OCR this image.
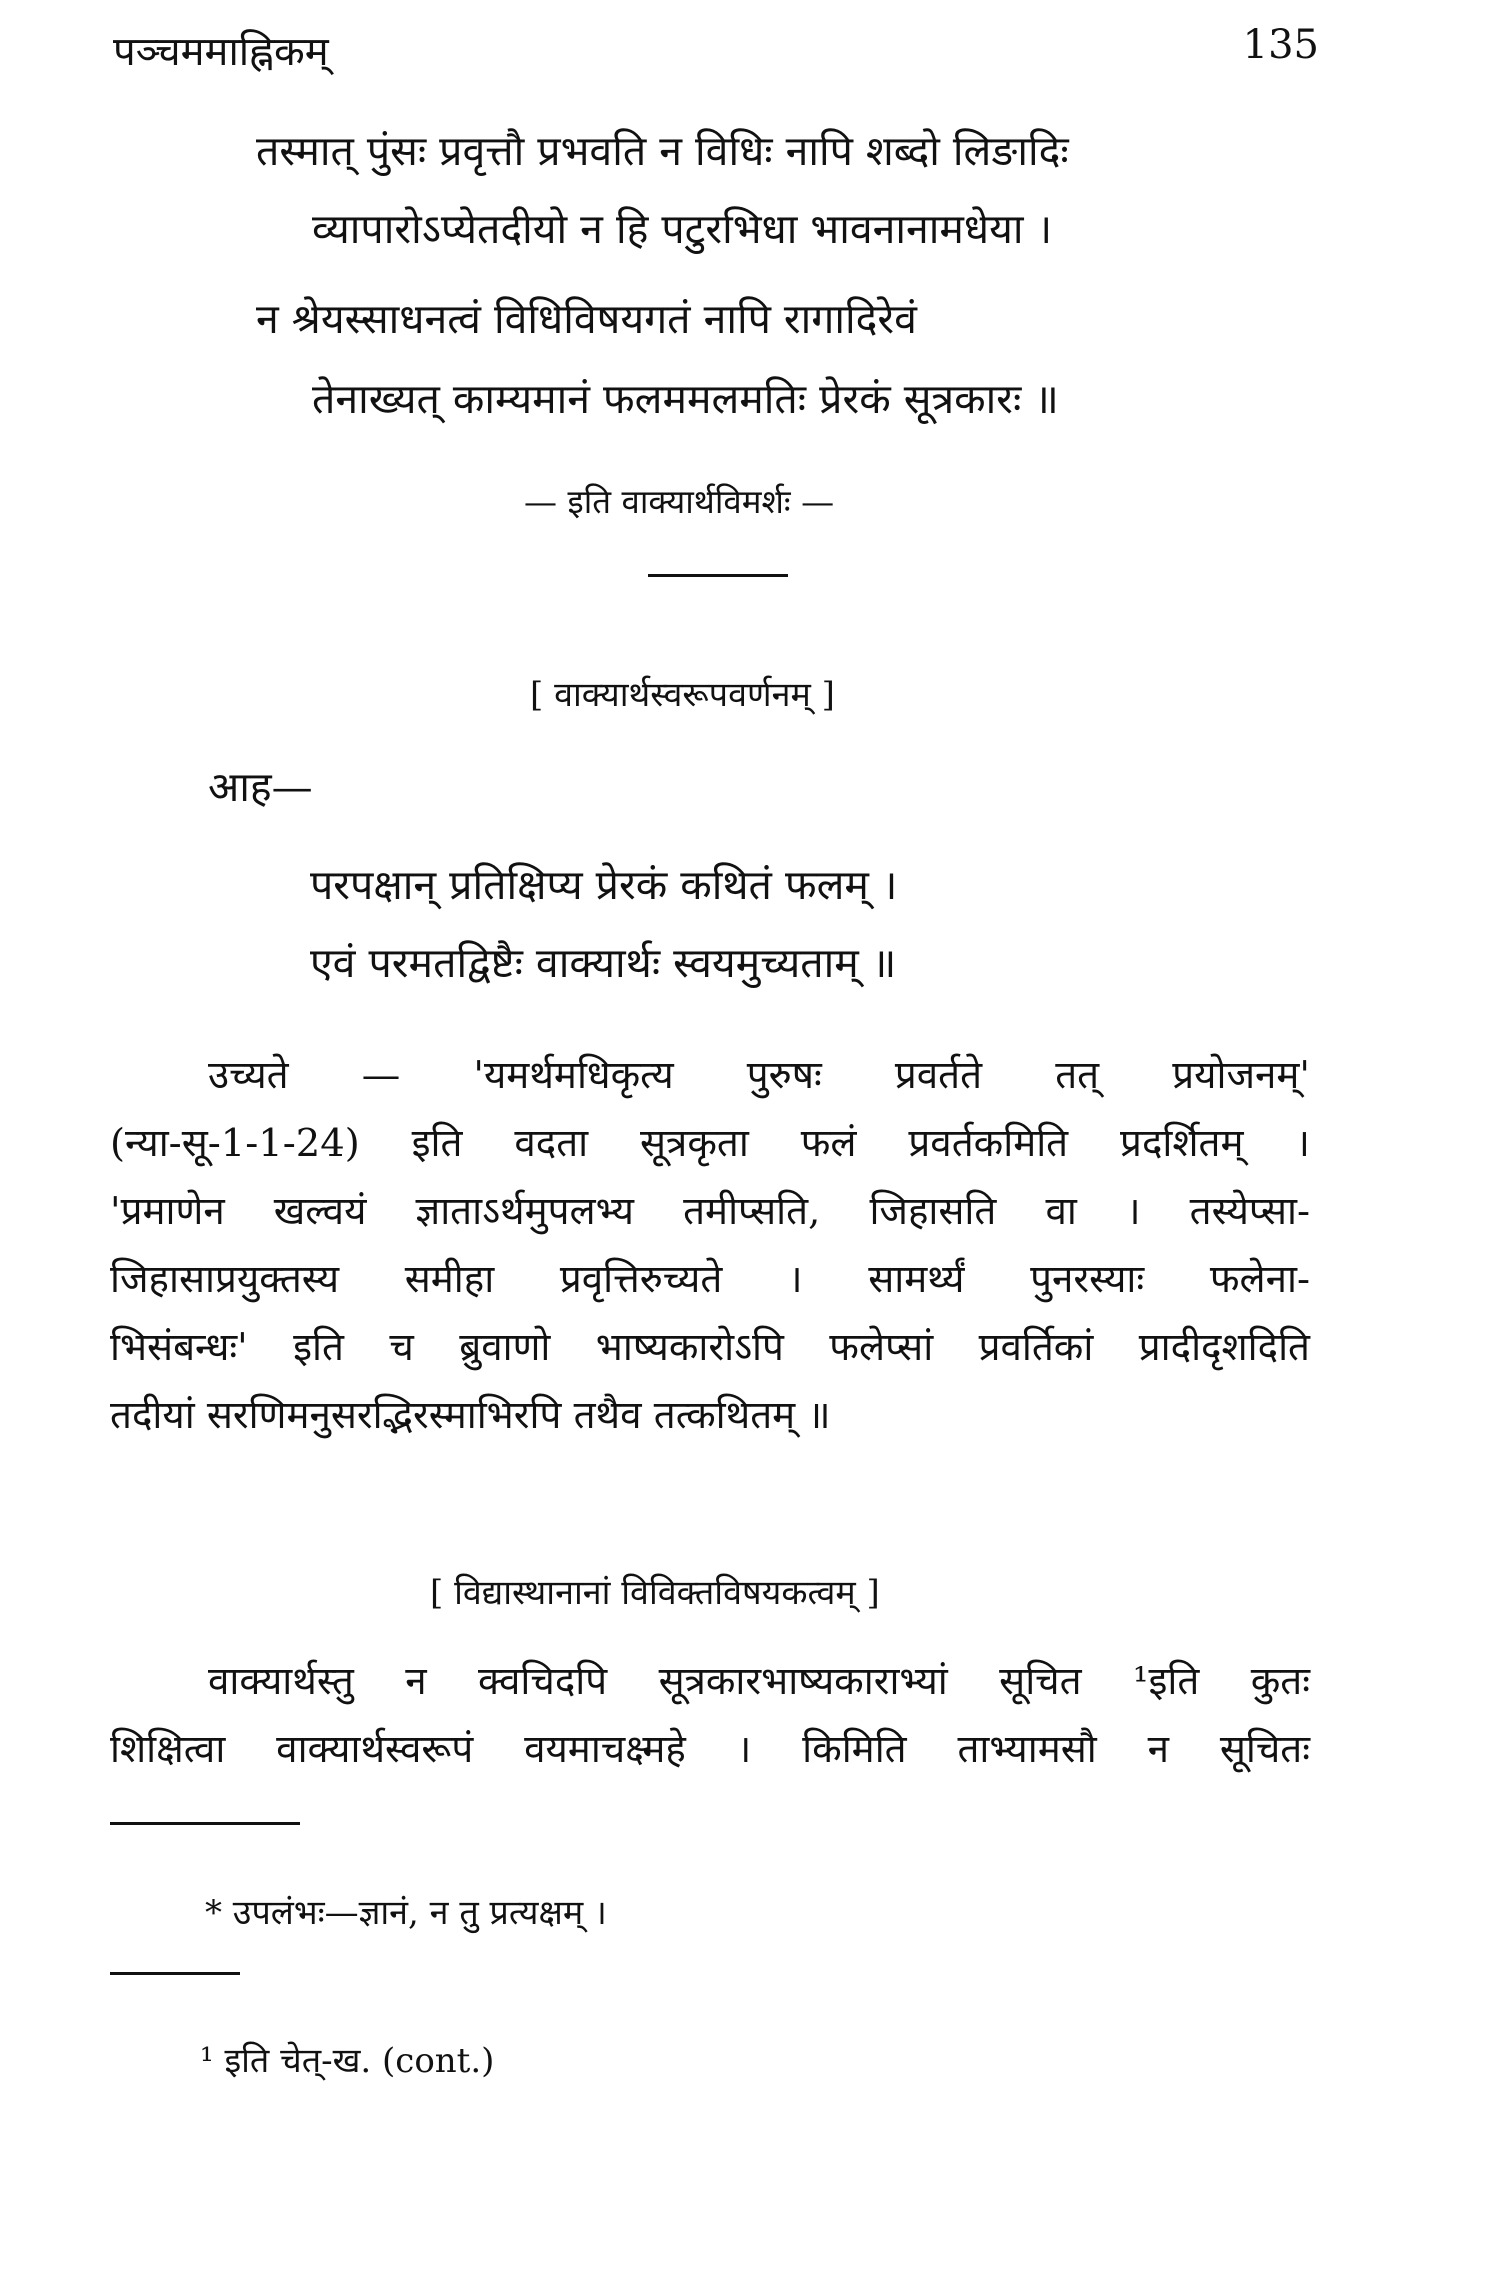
पञ्चममाह्निकम्	135
तस्मात् पुंसः प्रवृत्तौ प्रभवति न विधिः नापि शब्दो लिङादिः
व्यापारोऽप्येतदीयो न हि पटुरभिधा भावनानामधेया ।
न श्रेयस्साधनत्वं विधिविषयगतं नापि रागादिरेवं
तेनाख्यत् काम्यमानं फलममलमतिः प्रेरकं सूत्रकारः ॥
— इति वाक्यार्थविमर्शः —
[ वाक्यार्थस्वरूपवर्णनम् ]
आह—
परपक्षान् प्रतिक्षिप्य प्रेरकं कथितं फलम् ।
एवं परमतद्विष्टैः वाक्यार्थः स्वयमुच्यताम् ॥
उच्यते — 'यमर्थमधिकृत्य पुरुषः प्रवर्तते तत् प्रयोजनम्'
(न्या-सू-1-1-24) इति वदता सूत्रकृता फलं प्रवर्तकमिति प्रदर्शितम् ।
'प्रमाणेन खल्वयं ज्ञाताऽर्थमुपलभ्य तमीप्सति, जिहासति वा । तस्येप्सा-
जिहासाप्रयुक्तस्य समीहा प्रवृत्तिरुच्यते । सामर्थ्यं पुनरस्याः फलेना-
भिसंबन्धः' इति च ब्रुवाणो भाष्यकारोऽपि फलेप्सां प्रवर्तिकां प्रादीदृशदिति
तदीयां सरणिमनुसरद्भिरस्माभिरपि तथैव तत्कथितम् ॥
[ विद्यास्थानानां विविक्तविषयकत्वम् ]
वाक्यार्थस्तु न क्वचिदपि सूत्रकारभाष्यकाराभ्यां सूचित ¹इति कुतः
शिक्षित्वा वाक्यार्थस्वरूपं वयमाचक्ष्महे । किमिति ताभ्यामसौ न सूचितः
* उपलंभः—ज्ञानं, न तु प्रत्यक्षम् ।
¹ इति चेत्-ख. (cont.)
